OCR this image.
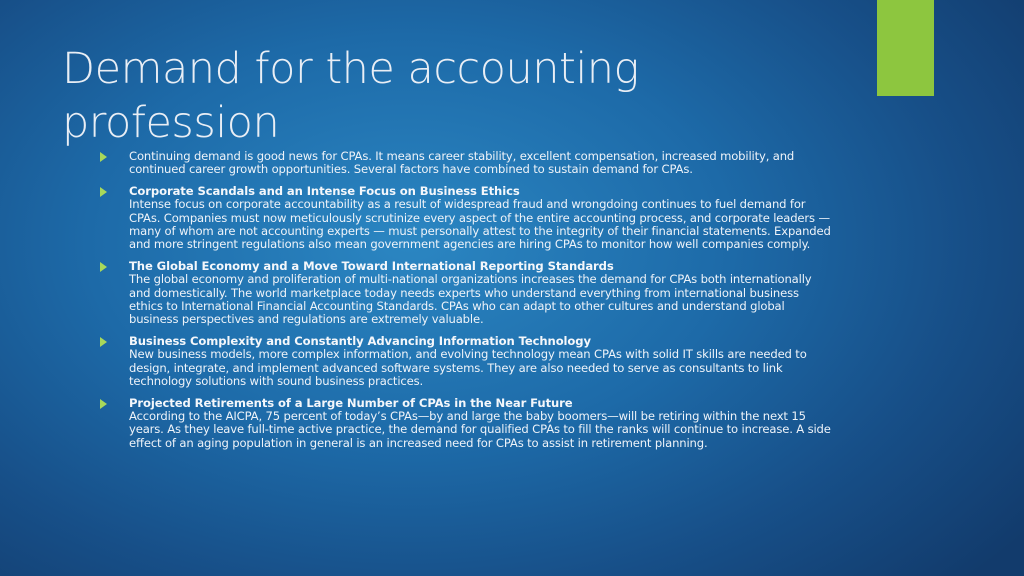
Demand for the accounting profession
Continuing demand is good news for CPAs. It means career stability, excellent compensation, increased mobility, and continued career growth opportunities. Several factors have combined to sustain demand for CPAs.
Corporate Scandals and an Intense Focus on Business Ethics
Intense focus on corporate accountability as a result of widespread fraud and wrongdoing continues to fuel demand for CPAs. Companies must now meticulously scrutinize every aspect of the entire accounting process, and corporate leaders — many of whom are not accounting experts — must personally attest to the integrity of their financial statements. Expanded and more stringent regulations also mean government agencies are hiring CPAs to monitor how well companies comply.
The Global Economy and a Move Toward International Reporting Standards
The global economy and proliferation of multi-national organizations increases the demand for CPAs both internationally and domestically. The world marketplace today needs experts who understand everything from international business ethics to International Financial Accounting Standards. CPAs who can adapt to other cultures and understand global business perspectives and regulations are extremely valuable.
Business Complexity and Constantly Advancing Information Technology
New business models, more complex information, and evolving technology mean CPAs with solid IT skills are needed to design, integrate, and implement advanced software systems. They are also needed to serve as consultants to link technology solutions with sound business practices.
Projected Retirements of a Large Number of CPAs in the Near Future
According to the AICPA, 75 percent of today’s CPAs—by and large the baby boomers—will be retiring within the next 15 years. As they leave full-time active practice, the demand for qualified CPAs to fill the ranks will continue to increase. A side effect of an aging population in general is an increased need for CPAs to assist in retirement planning.
